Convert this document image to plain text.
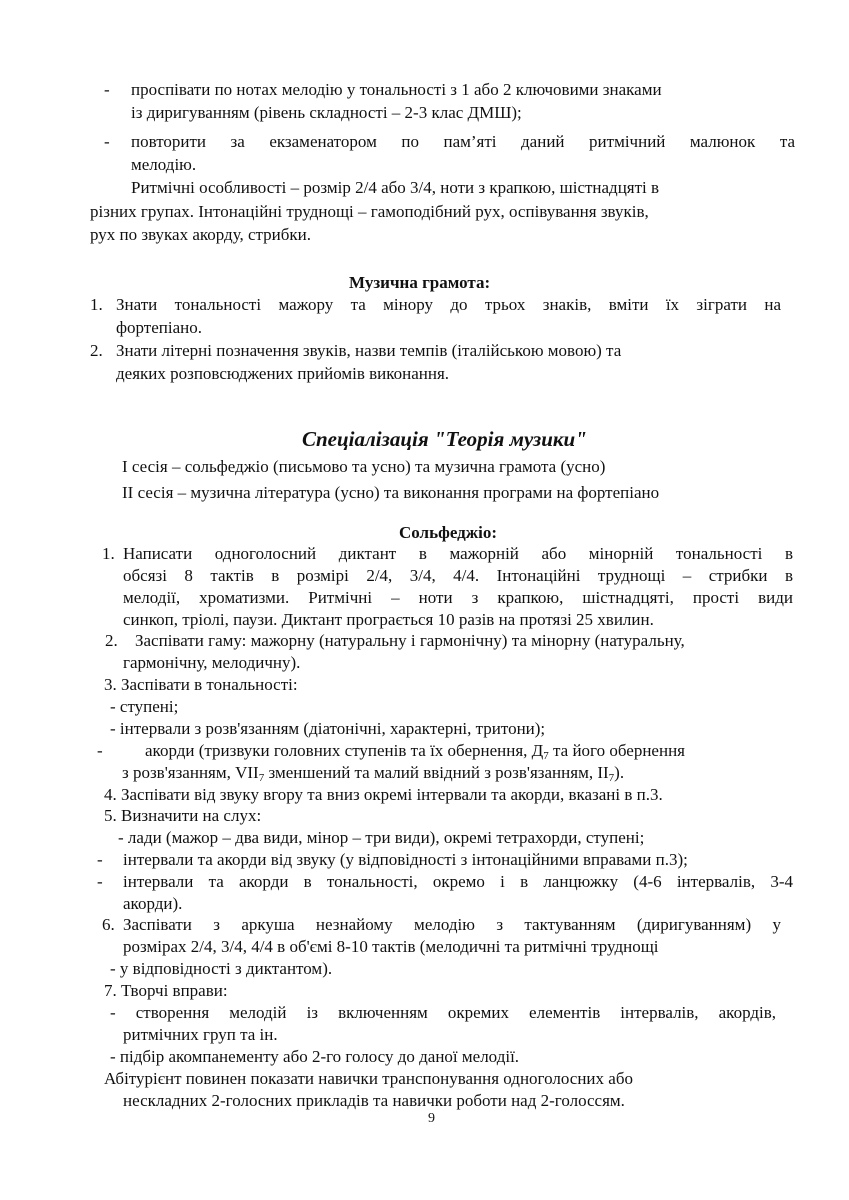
- проспівати по нотах мелодію у тональності з 1 або 2 ключовими знаками
із диригуванням (рівень складності – 2-3 клас ДМШ);
- повторити за екзаменатором по пам’яті даний ритмічний малюнок та
мелодію.
Ритмічні особливості – розмір 2/4 або 3/4, ноти з крапкою, шістнадцяті в
різних групах. Інтонаційні труднощі – гамоподібний рух, оспівування звуків,
рух по звуках акорду, стрибки.
Музична грамота:
1. Знати тональності мажору та мінору до трьох знаків, вміти їх зіграти на
фортепіано.
2. Знати літерні позначення звуків, назви темпів (італійською мовою) та
деяких розповсюджених прийомів виконання.
Спеціалізація "Теорія музики"
І сесія – сольфеджіо (письмово та усно) та музична грамота (усно)
ІІ сесія – музична література (усно) та виконання програми на фортепіано
Сольфеджіо:
1. Написати одноголосний диктант в мажорній або мінорній тональності в
обсязі 8 тактів в розмірі 2/4, 3/4, 4/4. Інтонаційні труднощі – стрибки в
мелодії, хроматизми. Ритмічні – ноти з крапкою, шістнадцяті, прості види
синкоп, тріолі, паузи. Диктант програється 10 разів на протязі 25 хвилин.
2. Заспівати гаму: мажорну (натуральну і гармонічну) та мінорну (натуральну,
гармонічну, мелодичну).
3. Заспівати в тональності:
- ступені;
- інтервали з розв'язанням (діатонічні, характерні, тритони);
- акорди (тризвуки головних ступенів та їх обернення, $Д_7$ та його обернення
з розв'язанням, $VII_7$ зменшений та малий ввідний з розв'язанням, $II_7$).
4. Заспівати від звуку вгору та вниз окремі інтервали та акорди, вказані в п.3.
5. Визначити на слух:
- лади (мажор – два види, мінор – три види), окремі тетрахорди, ступені;
- інтервали та акорди від звуку (у відповідності з інтонаційними вправами п.3);
- інтервали та акорди в тональності, окремо і в ланцюжку (4-6 інтервалів, 3-4
акорди).
6. Заспівати з аркуша незнайому мелодію з тактуванням (диригуванням) у
розмірах 2/4, 3/4, 4/4 в об'ємі 8-10 тактів (мелодичні та ритмічні труднощі
- у відповідності з диктантом).
7. Творчі вправи:
- створення мелодій із включенням окремих елементів інтервалів, акордів,
ритмічних груп та ін.
- підбір акомпанементу або 2-го голосу до даної мелодії.
Абітурієнт повинен показати навички транспонування одноголосних або
нескладних 2-голосних прикладів та навички роботи над 2-голоссям.
9
